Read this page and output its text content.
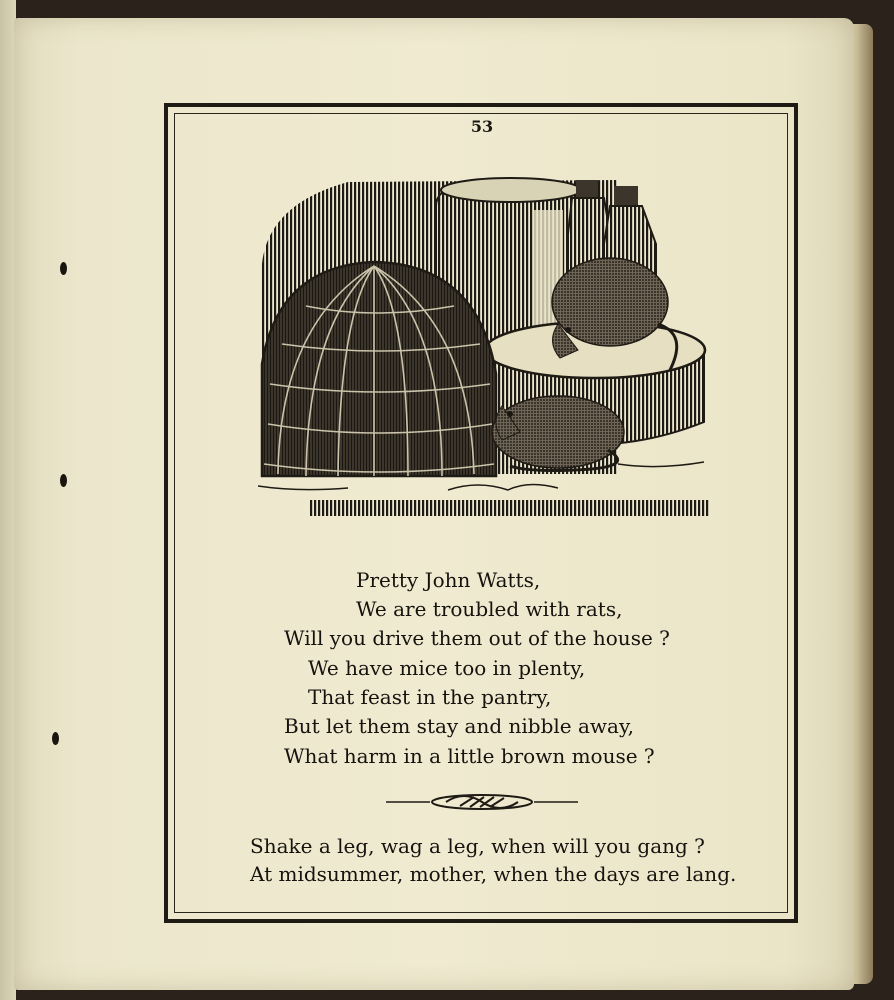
53
Pretty John Watts,
We are troubled with rats,
Will you drive them out of the house ?
We have mice too in plenty,
That feast in the pantry,
But let them stay and nibble away,
What harm in a little brown mouse ?
Shake a leg, wag a leg, when will you gang ?
At midsummer, mother, when the days are lang.
